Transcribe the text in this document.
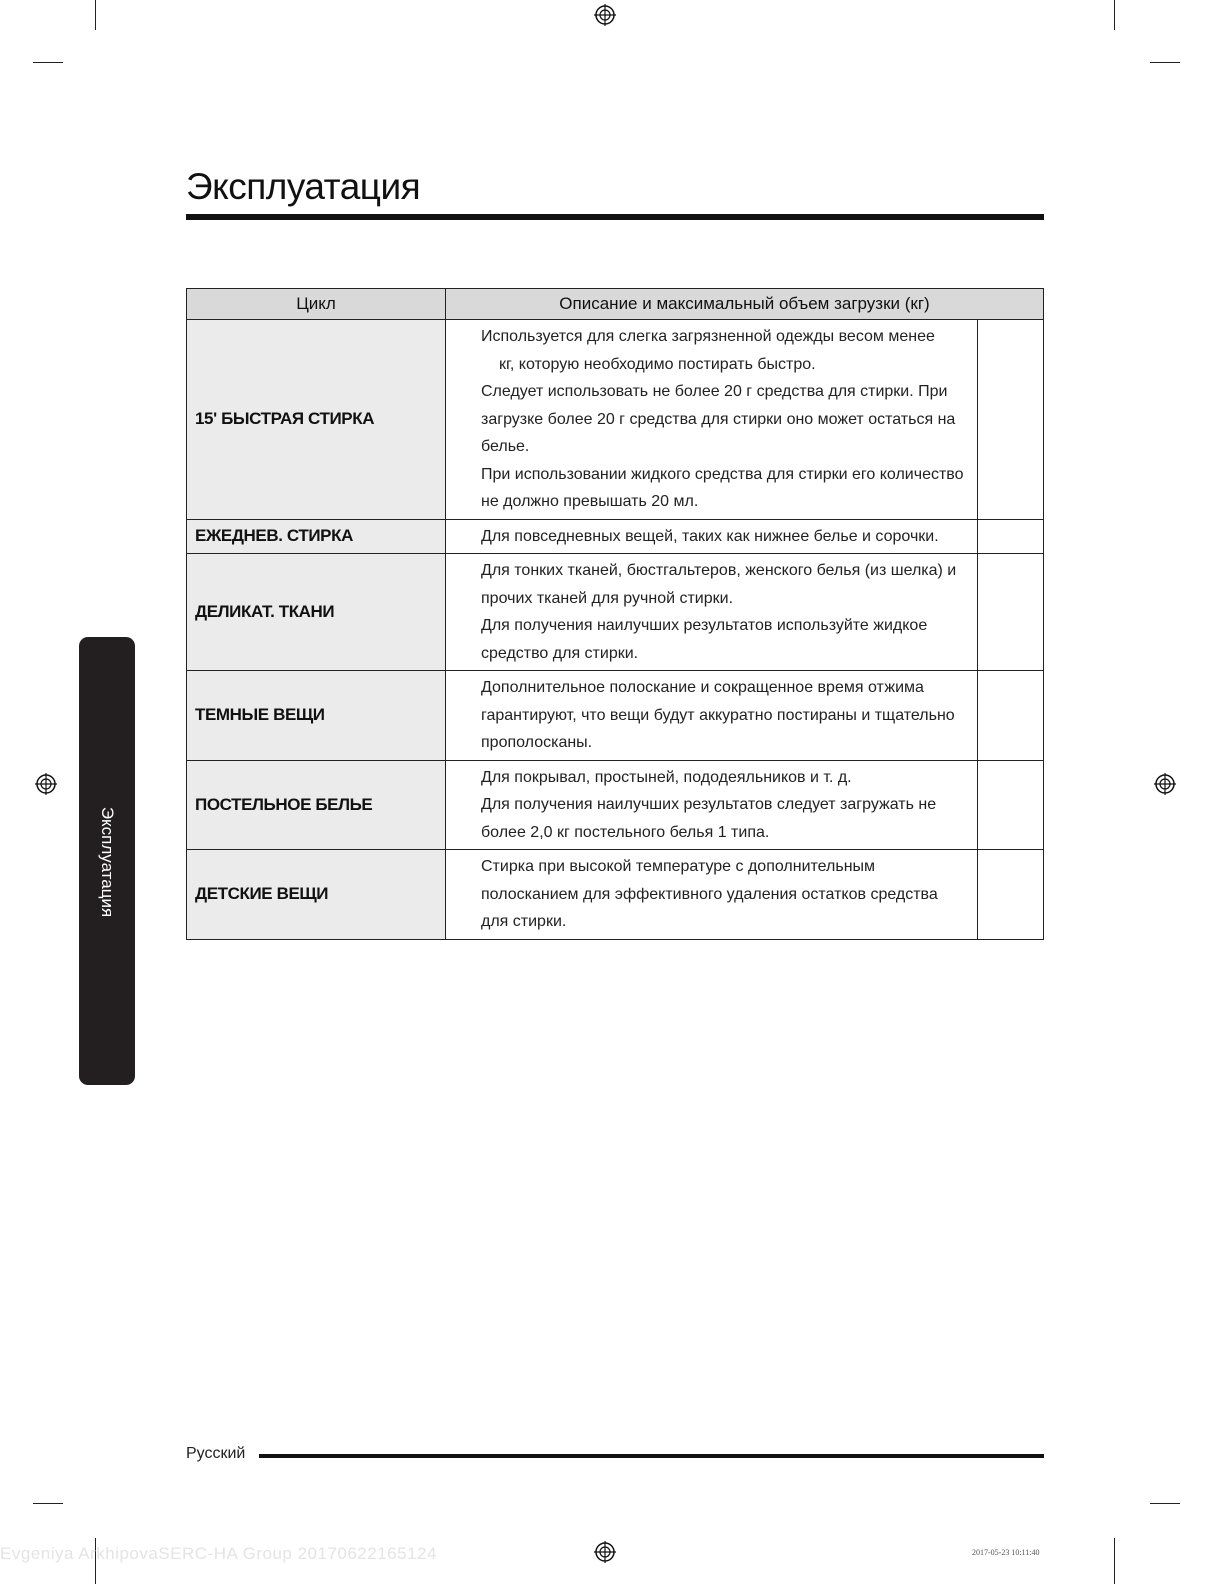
Эксплуатация
Эксплуатация
Цикл	Описание и максимальный объем загрузки (кг)	
15' БЫСТРАЯ СТИРКА	Используется для слегка загрязненной одежды весом менее

кг, которую необходимо постирать быстро.

Следует использовать не более 20 г средства для стирки. При загрузке более 20 г средства для стирки оно может остаться на белье.

При использовании жидкого средства для стирки его количество не должно превышать 20 мл.	

ЕЖЕДНЕВ. СТИРКА	Для повседневных вещей, таких как нижнее белье и сорочки.	

ДЕЛИКАТ. ТКАНИ	Для тонких тканей, бюстгальтеров, женского белья (из шелка) и прочих тканей для ручной стирки.

Для получения наилучших результатов используйте жидкое средство для стирки.	

ТЕМНЫЕ ВЕЩИ	Дополнительное полоскание и сокращенное время отжима гарантируют, что вещи будут аккуратно постираны и тщательно прополосканы.	

ПОСТЕЛЬНОЕ БЕЛЬЕ	Для покрывал, простыней, пододеяльников и т. д.

Для получения наилучших результатов следует загружать не более 2,0 кг постельного белья 1 типа.	

ДЕТСКИЕ ВЕЩИ	Стирка при высокой температуре с дополнительным полосканием для эффективного удаления остатков средства для стирки.	

Русский
Evgeniya ArkhipovaSERC-HA Group 20170622165124	2017-05-23 10:11:40
